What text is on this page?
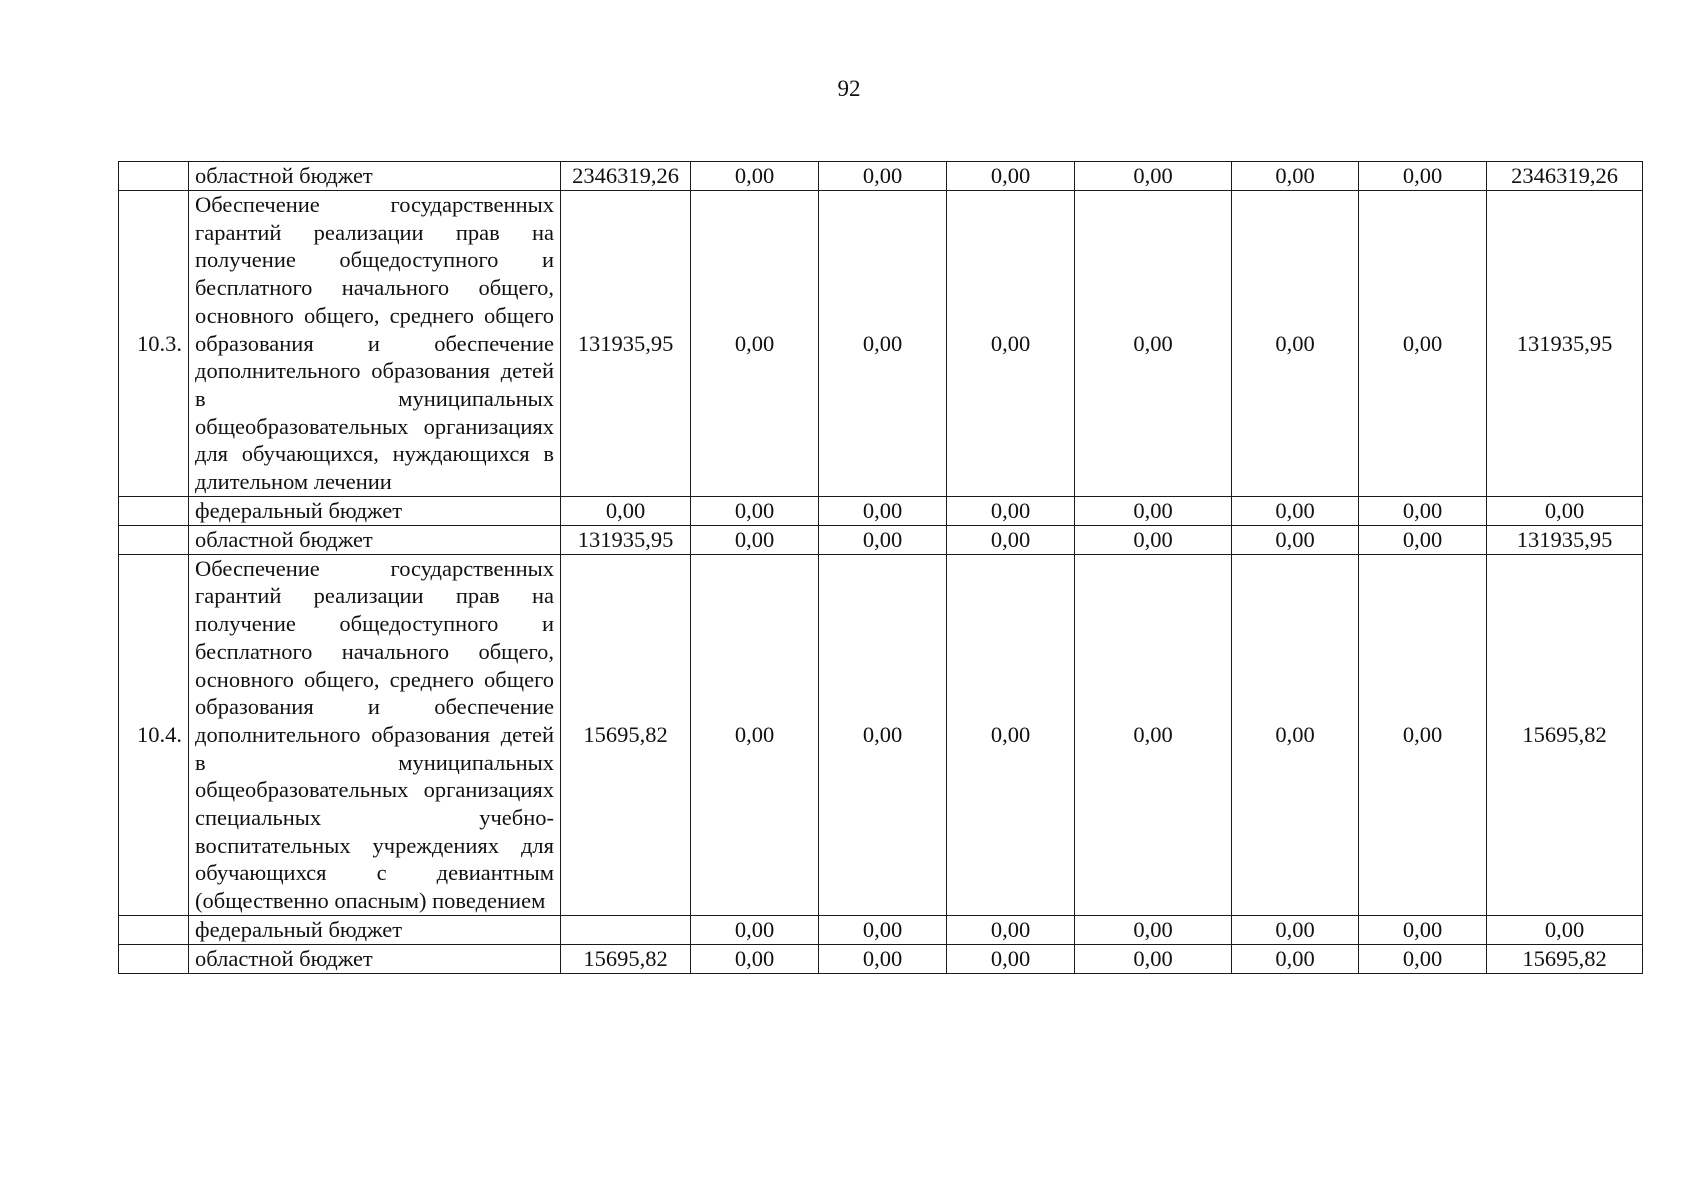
92
	областной бюджет	2346319,26	0,00	0,00	0,00	0,00	0,00	0,00	2346319,26
10.3.	Обеспечение государственных гарантий реализации прав на получение общедоступного и бесплатного начального общего, основного общего, среднего общего образования и обеспечение дополнительного образования детей в муниципальных общеобразовательных организациях для обучающихся, нуждающихся в длительном лечении	131935,95	0,00	0,00	0,00	0,00	0,00	0,00	131935,95
	федеральный бюджет	0,00	0,00	0,00	0,00	0,00	0,00	0,00	0,00
	областной бюджет	131935,95	0,00	0,00	0,00	0,00	0,00	0,00	131935,95
10.4.	Обеспечение государственных гарантий реализации прав на получение общедоступного и бесплатного начального общего, основного общего, среднего общего образования и обеспечение дополнительного образования детей в муниципальных общеобразовательных организациях специальных учебно-воспитательных учреждениях для обучающихся с девиантным (общественно опасным) поведением	15695,82	0,00	0,00	0,00	0,00	0,00	0,00	15695,82
	федеральный бюджет		0,00	0,00	0,00	0,00	0,00	0,00	0,00
	областной бюджет	15695,82	0,00	0,00	0,00	0,00	0,00	0,00	15695,82
